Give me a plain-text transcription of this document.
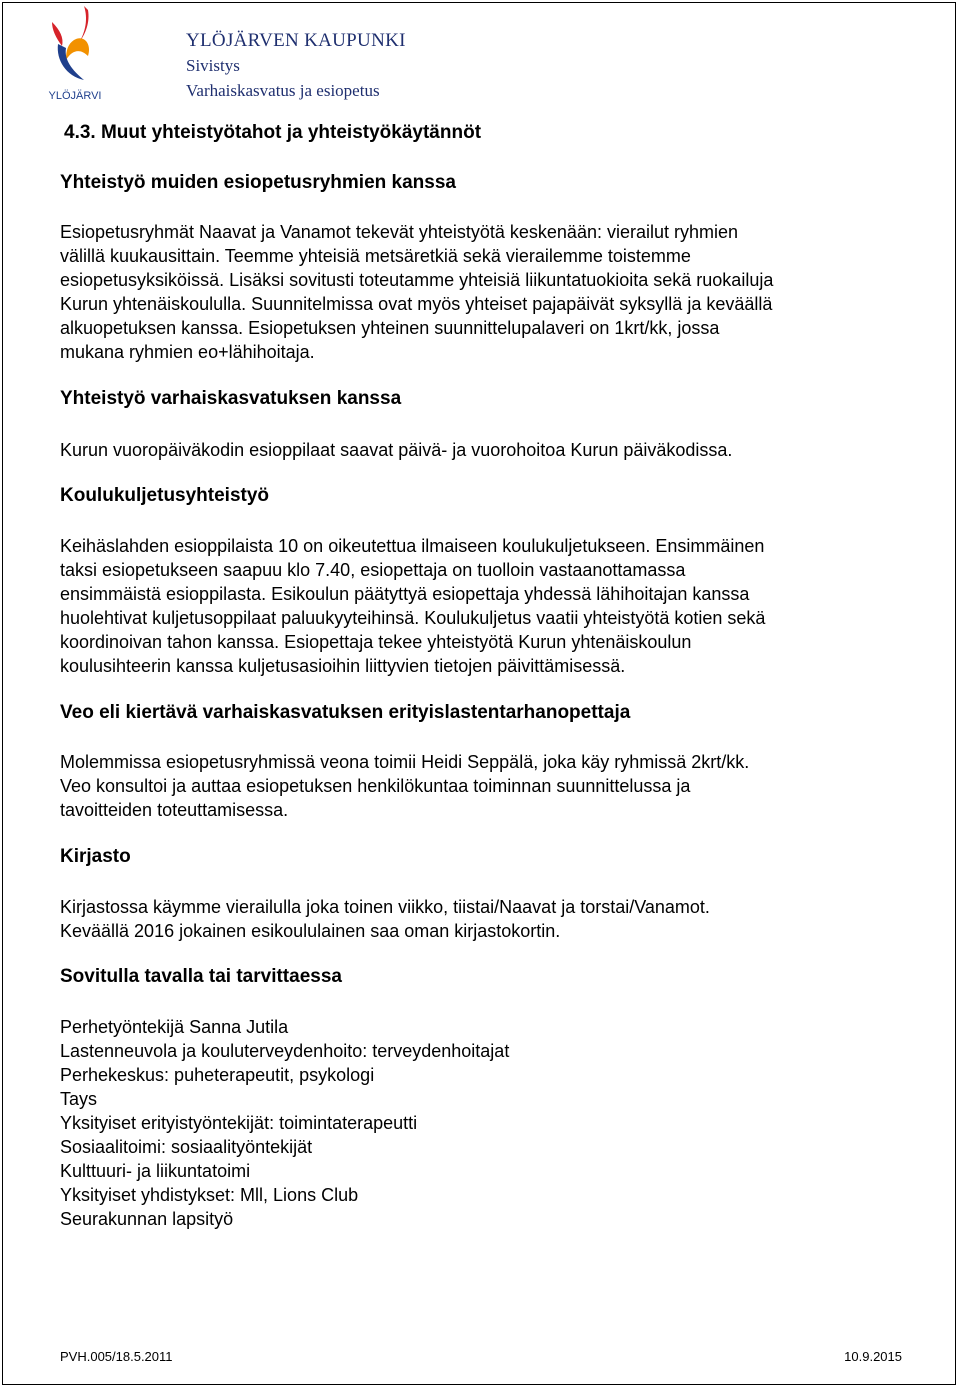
YLÖJÄRVI
YLÖJÄRVEN KAUPUNKI
Sivistys
Varhaiskasvatus ja esiopetus
4.3. Muut yhteistyötahot ja yhteistyökäytännöt
Yhteistyö muiden esiopetusryhmien kanssa
Esiopetusryhmät Naavat ja Vanamot tekevät yhteistyötä keskenään: vierailut ryhmien
välillä kuukausittain. Teemme yhteisiä metsäretkiä sekä vierailemme toistemme
esiopetusyksiköissä. Lisäksi sovitusti toteutamme yhteisiä liikuntatuokioita sekä ruokailuja
Kurun yhtenäiskoululla. Suunnitelmissa ovat myös yhteiset pajapäivät syksyllä ja keväällä
alkuopetuksen kanssa. Esiopetuksen yhteinen suunnittelupalaveri on 1krt/kk, jossa
mukana ryhmien eo+lähihoitaja.
Yhteistyö varhaiskasvatuksen kanssa
Kurun vuoropäiväkodin esioppilaat saavat päivä- ja vuorohoitoa Kurun päiväkodissa.
Koulukuljetusyhteistyö
Keihäslahden esioppilaista 10 on oikeutettua ilmaiseen koulukuljetukseen. Ensimmäinen
taksi esiopetukseen saapuu klo 7.40, esiopettaja on tuolloin vastaanottamassa
ensimmäistä esioppilasta. Esikoulun päätyttyä esiopettaja yhdessä lähihoitajan kanssa
huolehtivat kuljetusoppilaat paluukyyteihinsä. Koulukuljetus vaatii yhteistyötä kotien sekä
koordinoivan tahon kanssa. Esiopettaja tekee yhteistyötä Kurun yhtenäiskoulun
koulusihteerin kanssa kuljetusasioihin liittyvien tietojen päivittämisessä.
Veo eli kiertävä varhaiskasvatuksen erityislastentarhanopettaja
Molemmissa esiopetusryhmissä veona toimii Heidi Seppälä, joka käy ryhmissä 2krt/kk.
Veo konsultoi ja auttaa esiopetuksen henkilökuntaa toiminnan suunnittelussa ja
tavoitteiden toteuttamisessa.
Kirjasto
Kirjastossa käymme vierailulla joka toinen viikko, tiistai/Naavat ja torstai/Vanamot.
Keväällä 2016 jokainen esikoululainen saa oman kirjastokortin.
Sovitulla tavalla tai tarvittaessa
Perhetyöntekijä Sanna Jutila
Lastenneuvola ja kouluterveydenhoito: terveydenhoitajat
Perhekeskus: puheterapeutit, psykologi
Tays
Yksityiset erityistyöntekijät: toimintaterapeutti
Sosiaalitoimi: sosiaalityöntekijät
Kulttuuri- ja liikuntatoimi
Yksityiset yhdistykset: Mll, Lions Club
Seurakunnan lapsityö
PVH.005/18.5.2011	10.9.2015
